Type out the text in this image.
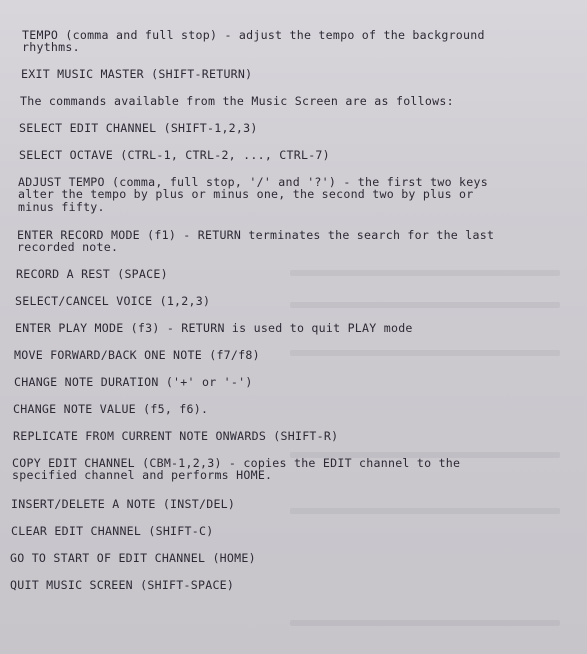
TEMPO (comma and full stop) - adjust the tempo of the background
rhythms.
EXIT MUSIC MASTER (SHIFT-RETURN)
The commands available from the Music Screen are as follows:
SELECT EDIT CHANNEL (SHIFT-1,2,3)
SELECT OCTAVE (CTRL-1, CTRL-2, ..., CTRL-7)
ADJUST TEMPO (comma, full stop, '/' and '?') - the first two keys
alter the tempo by plus or minus one, the second two by plus or
minus fifty.
ENTER RECORD MODE (f1) - RETURN terminates the search for the last
recorded note.
RECORD A REST (SPACE)
SELECT/CANCEL VOICE (1,2,3)
ENTER PLAY MODE (f3) - RETURN is used to quit PLAY mode
MOVE FORWARD/BACK ONE NOTE (f7/f8)
CHANGE NOTE DURATION ('+' or '-')
CHANGE NOTE VALUE (f5, f6).
REPLICATE FROM CURRENT NOTE ONWARDS (SHIFT-R)
COPY EDIT CHANNEL (CBM-1,2,3) - copies the EDIT channel to the
specified channel and performs HOME.
INSERT/DELETE A NOTE (INST/DEL)
CLEAR EDIT CHANNEL (SHIFT-C)
GO TO START OF EDIT CHANNEL (HOME)
QUIT MUSIC SCREEN (SHIFT-SPACE)
